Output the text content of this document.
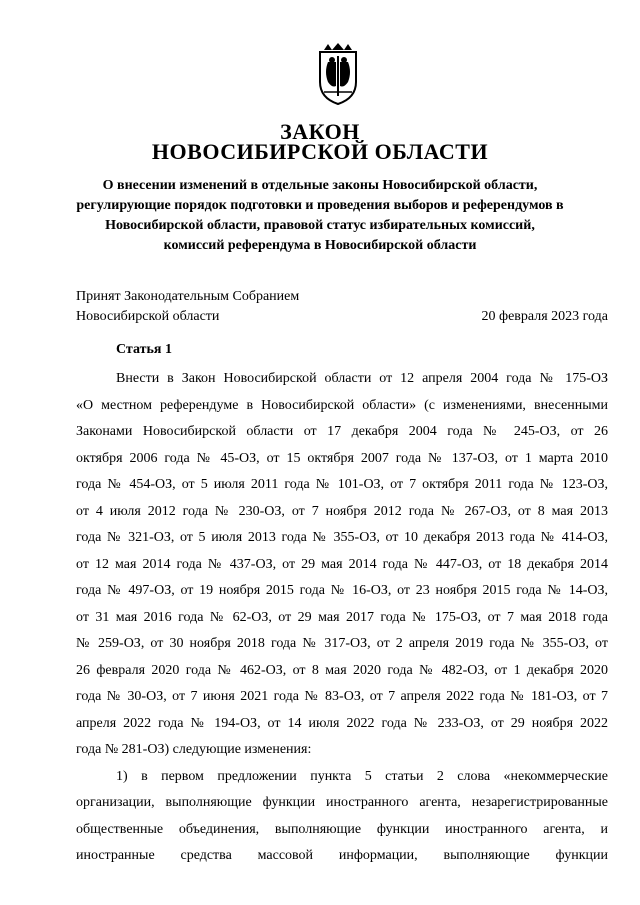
ЗАКОН
НОВОСИБИРСКОЙ ОБЛАСТИ
О внесении изменений в отдельные законы Новосибирской области,
регулирующие порядок подготовки и проведения выборов и референдумов в
Новосибирской области, правовой статус избирательных комиссий,
комиссий референдума в Новосибирской области
Принят Законодательным Собранием
Новосибирской области	20 февраля 2023 года
Статья 1
Внести в Закон Новосибирской области от 12 апреля 2004 года № 175-ОЗ
«О местном референдуме в Новосибирской области» (с изменениями, внесенными
Законами Новосибирской области от 17 декабря 2004 года № 245-ОЗ, от 26
октября 2006 года № 45-ОЗ, от 15 октября 2007 года № 137-ОЗ, от 1 марта 2010
года № 454-ОЗ, от 5 июля 2011 года № 101-ОЗ, от 7 октября 2011 года № 123-ОЗ,
от 4 июля 2012 года № 230-ОЗ, от 7 ноября 2012 года № 267-ОЗ, от 8 мая 2013
года № 321-ОЗ, от 5 июля 2013 года № 355-ОЗ, от 10 декабря 2013 года № 414-ОЗ,
от 12 мая 2014 года № 437-ОЗ, от 29 мая 2014 года № 447-ОЗ, от 18 декабря 2014
года № 497-ОЗ, от 19 ноября 2015 года № 16-ОЗ, от 23 ноября 2015 года № 14-ОЗ,
от 31 мая 2016 года № 62-ОЗ, от 29 мая 2017 года № 175-ОЗ, от 7 мая 2018 года
№ 259-ОЗ, от 30 ноября 2018 года № 317-ОЗ, от 2 апреля 2019 года № 355-ОЗ, от
26 февраля 2020 года № 462-ОЗ, от 8 мая 2020 года № 482-ОЗ, от 1 декабря 2020
года № 30-ОЗ, от 7 июня 2021 года № 83-ОЗ, от 7 апреля 2022 года № 181-ОЗ, от 7
апреля 2022 года № 194-ОЗ, от 14 июля 2022 года № 233-ОЗ, от 29 ноября 2022
года № 281-ОЗ) следующие изменения:
1) в первом предложении пункта 5 статьи 2 слова «некоммерческие
организации, выполняющие функции иностранного агента, незарегистрированные
общественные объединения, выполняющие функции иностранного агента, и
иностранные средства массовой информации, выполняющие функции
